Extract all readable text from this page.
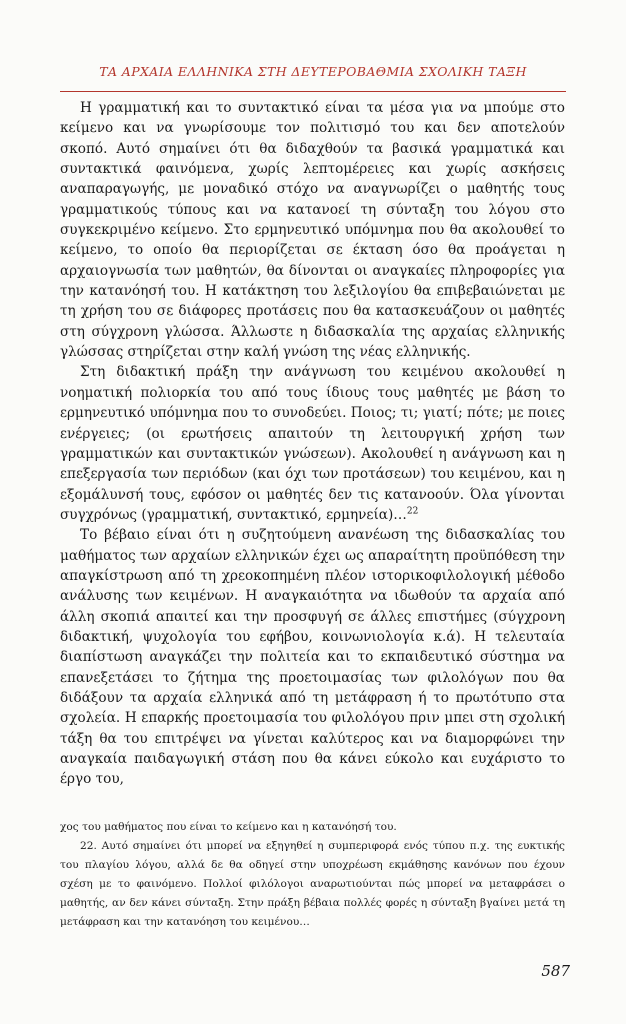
ΤΑ ΑΡΧΑΙΑ ΕΛΛΗΝΙΚΑ ΣΤΗ ΔΕΥΤΕΡΟΒΑΘΜΙΑ ΣΧΟΛΙΚΗ ΤΑΞΗ

Η γραμματική και το συντακτικό είναι τα μέσα για να μπούμε στο κείμενο και να γνωρίσουμε τον πολιτισμό του και δεν αποτελούν σκοπό. Αυτό σημαίνει ότι θα διδαχθούν τα βασικά γραμματικά και συντακτικά φαινόμενα, χωρίς λεπτομέρειες και χωρίς ασκήσεις αναπαραγωγής, με μοναδικό στόχο να αναγνωρίζει ο μαθητής τους γραμματικούς τύπους και να κατανοεί τη σύνταξη του λόγου στο συγκεκριμένο κείμενο. Στο ερμηνευτικό υπόμνημα που θα ακολουθεί το κείμενο, το οποίο θα περιορίζεται σε έκταση όσο θα προάγεται η αρχαιογνωσία των μαθητών, θα δίνονται οι αναγκαίες πληροφορίες για την κατανόησή του. Η κατάκτηση του λεξιλογίου θα επιβεβαιώνεται με τη χρήση του σε διάφορες προτάσεις που θα κατασκευάζουν οι μαθητές στη σύγχρονη γλώσσα. Άλλωστε η διδασκαλία της αρχαίας ελληνικής γλώσσας στηρίζεται στην καλή γνώση της νέας ελληνικής.

Στη διδακτική πράξη την ανάγνωση του κειμένου ακολουθεί η νοηματική πολιορκία του από τους ίδιους τους μαθητές με βάση το ερμηνευτικό υπόμνημα που το συνοδεύει. Ποιος; τι; γιατί; πότε; με ποιες ενέργειες; (οι ερωτήσεις απαιτούν τη λειτουργική χρήση των γραμματικών και συντακτικών γνώσεων). Ακολουθεί η ανάγνωση και η επεξεργασία των περιόδων (και όχι των προτάσεων) του κειμένου, και η εξομάλυνσή τους, εφόσον οι μαθητές δεν τις κατανοούν. Όλα γίνονται συγχρόνως (γραμματική, συντακτικό, ερμηνεία)…$^{22}$

Το βέβαιο είναι ότι η συζητούμενη ανανέωση της διδασκαλίας του μαθήματος των αρχαίων ελληνικών έχει ως απαραίτητη προϋπόθεση την απαγκίστρωση από τη χρεοκοπημένη πλέον ιστορικοφιλολογική μέθοδο ανάλυσης των κειμένων. Η αναγκαιότητα να ιδωθούν τα αρχαία από άλλη σκοπιά απαιτεί και την προσφυγή σε άλλες επιστήμες (σύγχρονη διδακτική, ψυχολογία του εφήβου, κοινωνιολογία κ.ά). Η τελευταία διαπίστωση αναγκάζει την πολιτεία και το εκπαιδευτικό σύστημα να επανεξετάσει το ζήτημα της προετοιμασίας των φιλολόγων που θα διδάξουν τα αρχαία ελληνικά από τη μετάφραση ή το πρωτότυπο στα σχολεία. Η επαρκής προετοιμασία του φιλολόγου πριν μπει στη σχολική τάξη θα του επιτρέψει να γίνεται καλύτερος και να διαμορφώνει την αναγκαία παιδαγωγική στάση που θα κάνει εύκολο και ευχάριστο το έργο του,

χος του μαθήματος που είναι το κείμενο και η κατανόησή του.

22. Αυτό σημαίνει ότι μπορεί να εξηγηθεί η συμπεριφορά ενός τύπου π.χ. της ευκτικής του πλαγίου λόγου, αλλά δε θα οδηγεί στην υποχρέωση εκμάθησης κανόνων που έχουν σχέση με το φαινόμενο. Πολλοί φιλόλογοι αναρωτιούνται πώς μπορεί να μεταφράσει ο μαθητής, αν δεν κάνει σύνταξη. Στην πράξη βέβαια πολλές φορές η σύνταξη βγαίνει μετά τη μετάφραση και την κατανόηση του κειμένου…

587
